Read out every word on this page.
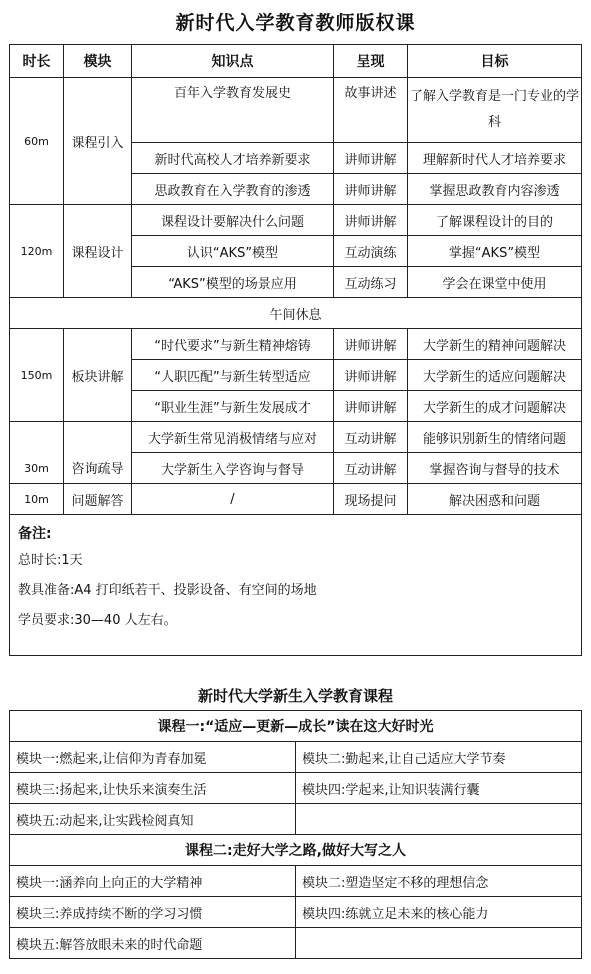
新时代入学教育教师版权课
时长	模块	知识点	呈现	目标
60m	课程引入	百年入学教育发展史	故事讲述	了解入学教育是一门专业的学科
		新时代高校人才培养新要求	讲师讲解	理解新时代人才培养要求
		思政教育在入学教育的渗透	讲师讲解	掌握思政教育内容渗透
120m	课程设计	课程设计要解决什么问题	讲师讲解	了解课程设计的目的
		认识“AKS”模型	互动演练	掌握“AKS”模型
		“AKS”模型的场景应用	互动练习	学会在课堂中使用
午间休息				
150m	板块讲解	“时代要求”与新生精神熔铸	讲师讲解	大学新生的精神问题解决
		“人职匹配”与新生转型适应	讲师讲解	大学新生的适应问题解决
		“职业生涯”与新生发展成才	讲师讲解	大学新生的成才问题解决
30m	咨询疏导	大学新生常见消极情绪与应对	互动讲解	能够识别新生的情绪问题
		大学新生入学咨询与督导	互动讲解	掌握咨询与督导的技术
10m	问题解答	/	现场提问	解决困惑和问题

备注:
总时长:1天
教具准备:A4 打印纸若干、投影设备、有空间的场地
学员要求:30—40 人左右。				
新时代大学新生入学教育课程
课程一:“适应—更新—成长”读在这大好时光	
模块一:燃起来,让信仰为青春加冕	模块二:勤起来,让自己适应大学节奏
模块三:扬起来,让快乐来演奏生活	模块四:学起来,让知识装满行囊
模块五:动起来,让实践检阅真知	
课程二:走好大学之路,做好大写之人	
模块一:涵养向上向正的大学精神	模块二:塑造坚定不移的理想信念
模块三:养成持续不断的学习习惯	模块四:练就立足未来的核心能力
模块五:解答放眼未来的时代命题	
